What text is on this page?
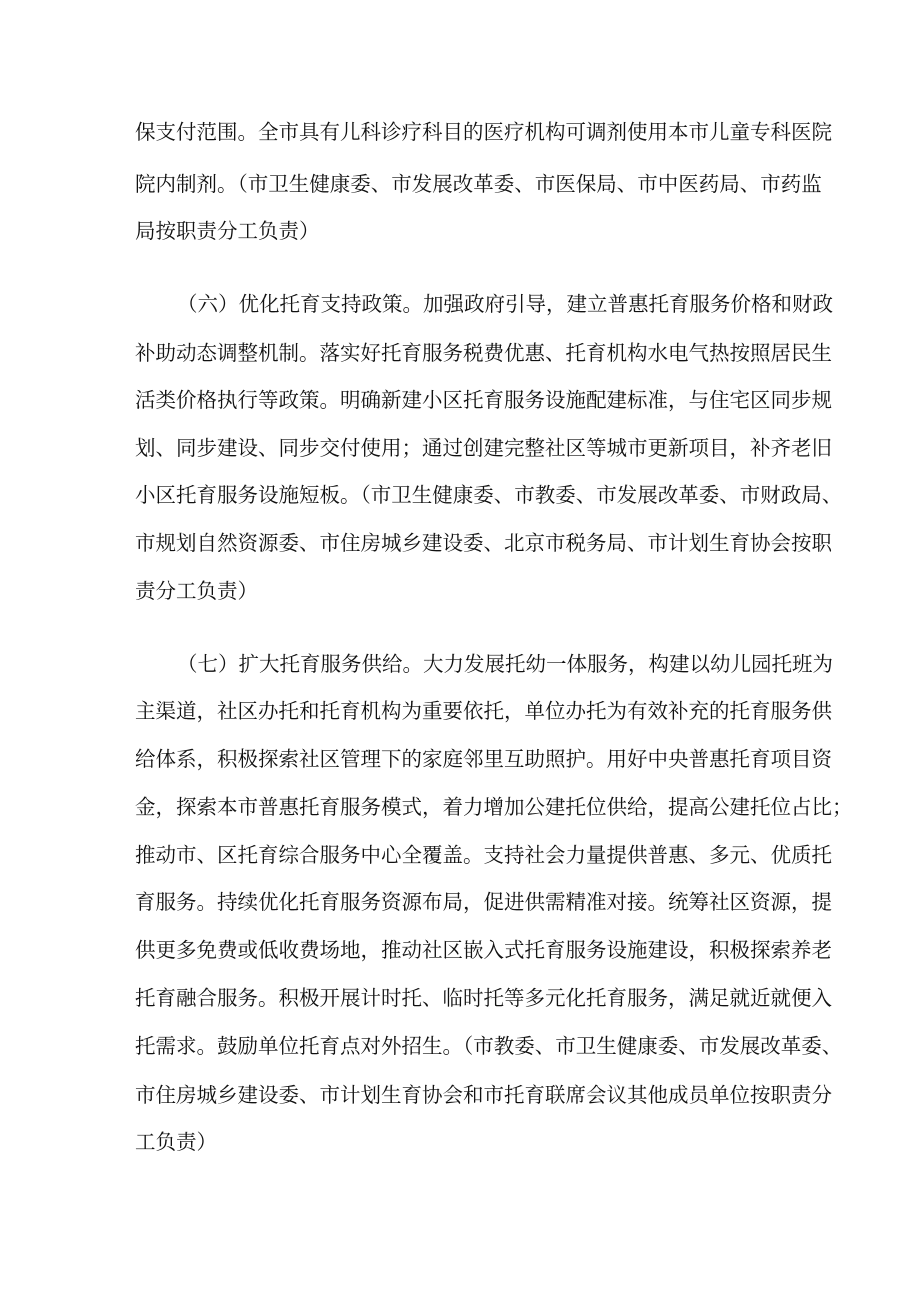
保支付范围。全市具有儿科诊疗科目的医疗机构可调剂使用本市儿童专科医院
院内制剂。（市卫生健康委、市发展改革委、市医保局、市中医药局、市药监
局按职责分工负责）
（六）优化托育支持政策。加强政府引导，建立普惠托育服务价格和财政
补助动态调整机制。落实好托育服务税费优惠、托育机构水电气热按照居民生
活类价格执行等政策。明确新建小区托育服务设施配建标准，与住宅区同步规
划、同步建设、同步交付使用；通过创建完整社区等城市更新项目，补齐老旧
小区托育服务设施短板。（市卫生健康委、市教委、市发展改革委、市财政局、
市规划自然资源委、市住房城乡建设委、北京市税务局、市计划生育协会按职
责分工负责）
（七）扩大托育服务供给。大力发展托幼一体服务，构建以幼儿园托班为
主渠道，社区办托和托育机构为重要依托，单位办托为有效补充的托育服务供
给体系，积极探索社区管理下的家庭邻里互助照护。用好中央普惠托育项目资
金，探索本市普惠托育服务模式，着力增加公建托位供给，提高公建托位占比；
推动市、区托育综合服务中心全覆盖。支持社会力量提供普惠、多元、优质托
育服务。持续优化托育服务资源布局，促进供需精准对接。统筹社区资源，提
供更多免费或低收费场地，推动社区嵌入式托育服务设施建设，积极探索养老
托育融合服务。积极开展计时托、临时托等多元化托育服务，满足就近就便入
托需求。鼓励单位托育点对外招生。（市教委、市卫生健康委、市发展改革委、
市住房城乡建设委、市计划生育协会和市托育联席会议其他成员单位按职责分
工负责）
